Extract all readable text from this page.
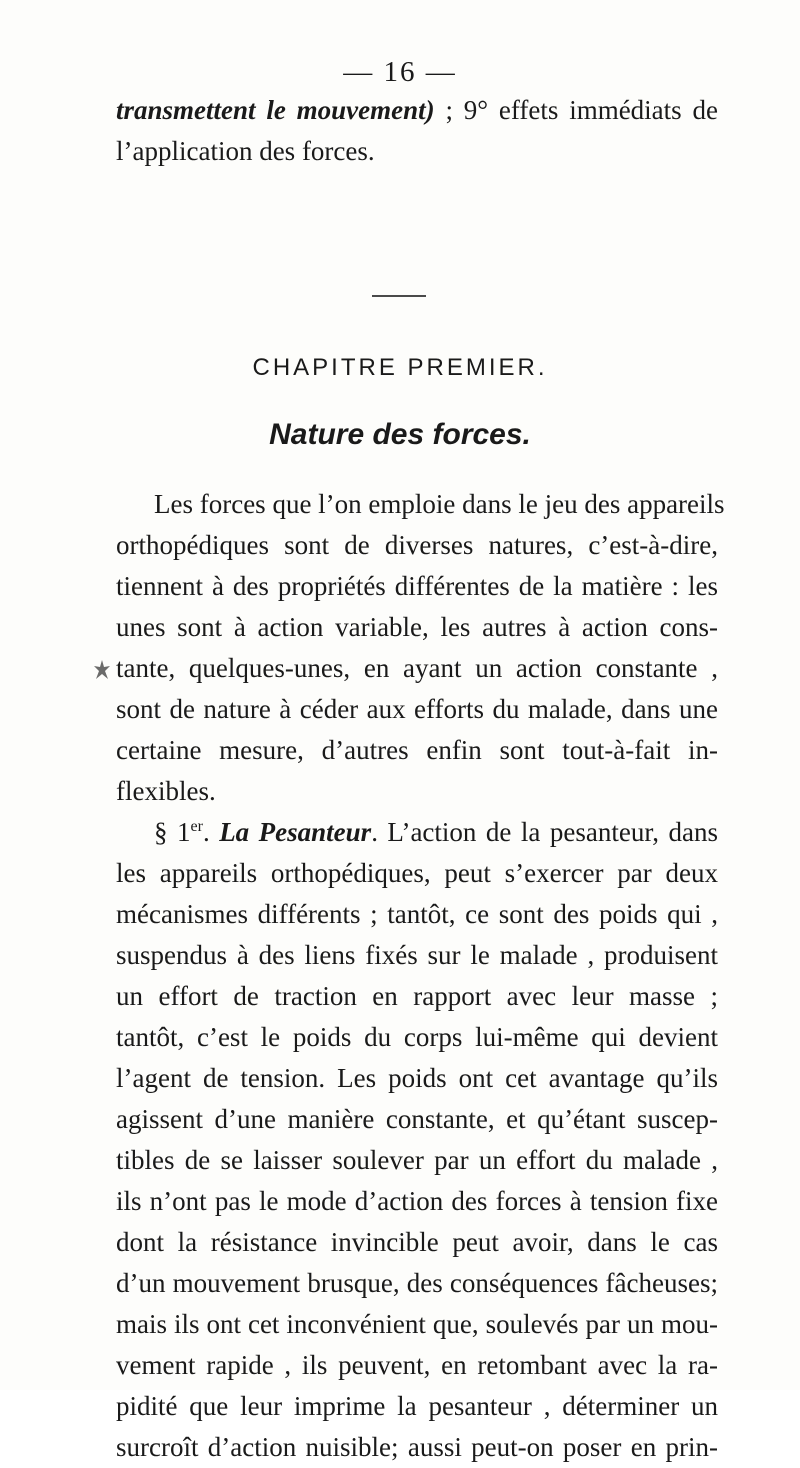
— 16 —
transmettent le mouvement) ; 9° effets immédiats de
l’application des forces.
CHAPITRE PREMIER.
Nature des forces.
Les forces que l’on emploie dans le jeu des appareils
orthopédiques sont de diverses natures, c’est-à-dire,
tiennent à des propriétés différentes de la matière : les
unes sont à action variable, les autres à action cons-
tante, quelques-unes, en ayant un action constante ,
sont de nature à céder aux efforts du malade, dans une
certaine mesure, d’autres enfin sont tout-à-fait in-
flexibles.
§ 1er. La Pesanteur. L’action de la pesanteur, dans
les appareils orthopédiques, peut s’exercer par deux
mécanismes différents ; tantôt, ce sont des poids qui ,
suspendus à des liens fixés sur le malade , produisent
un effort de traction en rapport avec leur masse ;
tantôt, c’est le poids du corps lui-même qui devient
l’agent de tension. Les poids ont cet avantage qu’ils
agissent d’une manière constante, et qu’étant suscep-
tibles de se laisser soulever par un effort du malade ,
ils n’ont pas le mode d’action des forces à tension fixe
dont la résistance invincible peut avoir, dans le cas
d’un mouvement brusque, des conséquences fâcheuses;
mais ils ont cet inconvénient que, soulevés par un mou-
vement rapide , ils peuvent, en retombant avec la ra-
pidité que leur imprime la pesanteur , déterminer un
surcroît d’action nuisible; aussi peut-on poser en prin-
